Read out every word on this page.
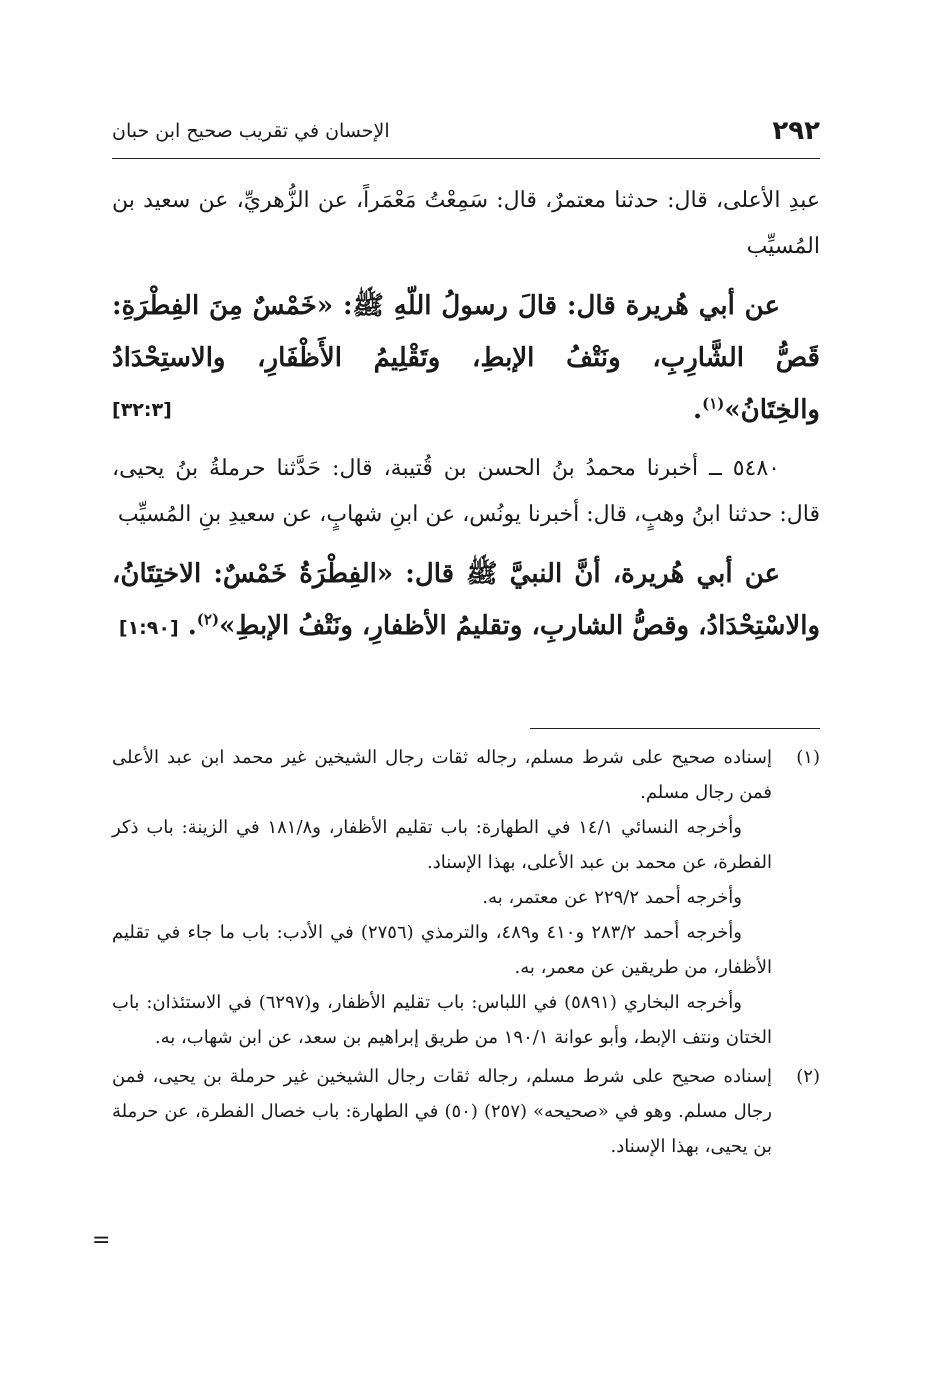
٢٩٢
الإحسان في تقريب صحيح ابن حبان

عبدِ الأعلى، قال: حدثنا معتمرٌ، قال: سَمِعْتُ مَعْمَراً، عن الزُّهريِّ، عن سعيد بن المُسيِّب

عن أبي هُريرة قال: قالَ رسولُ اللّهِ ﷺ: «خَمْسٌ مِنَ الفِطْرَةِ: قَصُّ الشَّارِبِ، ونَتْفُ الإبطِ، وتَقْلِيمُ الأَظْفَارِ، والاستِحْدَادُ والخِتَانُ»$^{(١)}$.
[٣٢:٣]

٥٤٨٠ ــ أخبرنا محمدُ بنُ الحسن بن قُتيبة، قال: حَدَّثنا حرملةُ بنُ يحيى، قال: حدثنا ابنُ وهبٍ، قال: أخبرنا يونُس، عن ابنِ شهابٍ، عن سعيدِ بنِ المُسيِّب

عن أبي هُريرة، أنَّ النبيَّ ﷺ قال: «الفِطْرَةُ خَمْسٌ: الاختِتَانُ، والاسْتِحْدَادُ، وقصُّ الشاربِ، وتقليمُ الأظفارِ، ونَتْفُ الإبطِ»$^{(٢)}$. [١:٩٠]

(١)

إسناده صحيح على شرط مسلم، رجاله ثقات رجال الشيخين غير محمد ابن عبد الأعلى فمن رجال مسلم.

وأخرجه النسائي ١٤/١ في الطهارة: باب تقليم الأظفار، و١٨١/٨ في الزينة: باب ذكر الفطرة، عن محمد بن عبد الأعلى، بهذا الإسناد.

وأخرجه أحمد ٢٢٩/٢ عن معتمر، به.

وأخرجه أحمد ٢٨٣/٢ و٤١٠ و٤٨٩، والترمذي (٢٧٥٦) في الأدب: باب ما جاء في تقليم الأظفار، من طريقين عن معمر، به.

وأخرجه البخاري (٥٨٩١) في اللباس: باب تقليم الأظفار، و(٦٢٩٧) في الاستئذان: باب الختان ونتف الإبط، وأبو عوانة ١٩٠/١ من طريق إبراهيم بن سعد، عن ابن شهاب، به.

(٢)

إسناده صحيح على شرط مسلم، رجاله ثقات رجال الشيخين غير حرملة بن يحيى، فمن رجال مسلم. وهو في «صحيحه» (٢٥٧) (٥٠) في الطهارة: باب خصال الفطرة، عن حرملة بن يحيى، بهذا الإسناد.

=
